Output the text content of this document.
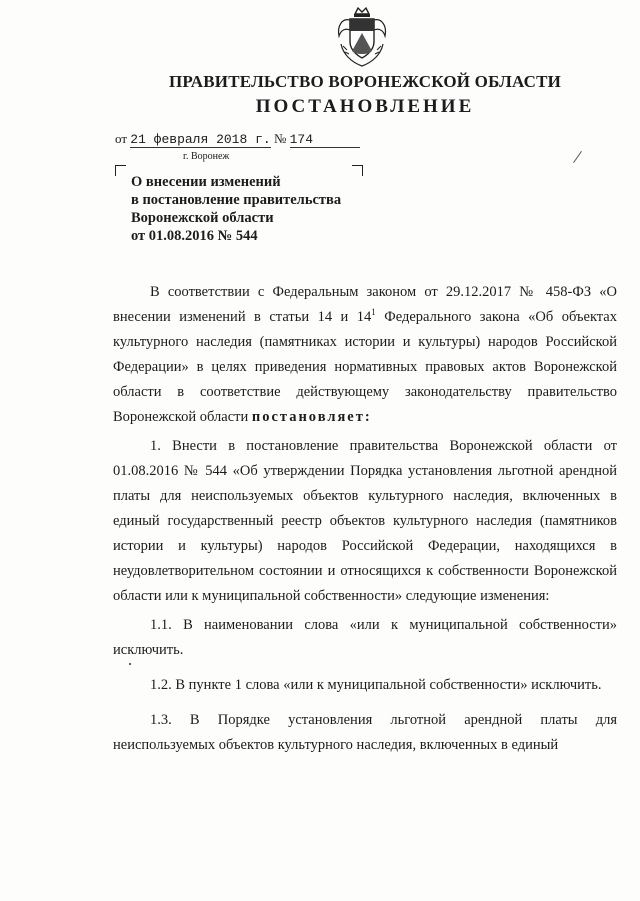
ПРАВИТЕЛЬСТВО ВОРОНЕЖСКОЙ ОБЛАСТИ
ПОСТАНОВЛЕНИЕ
от 21 февраля 2018 г. № 174
г. Воронеж
О внесении изменений
в постановление правительства
Воронежской области
от 01.08.2016 № 544

В соответствии с Федеральным законом от 29.12.2017 № 458-ФЗ «О внесении изменений в статьи 14 и $14^1$ Федерального закона «Об объектах культурного наследия (памятниках истории и культуры) народов Российской Федерации» в целях приведения нормативных правовых актов Воронежской области в соответствие действующему законодательству правительство Воронежской области постановляет:

1. Внести в постановление правительства Воронежской области от 01.08.2016 № 544 «Об утверждении Порядка установления льготной арендной платы для неиспользуемых объектов культурного наследия, включенных в единый государственный реестр объектов культурного наследия (памятников истории и культуры) народов Российской Федерации, находящихся в неудовлетворительном состоянии и относящихся к собственности Воронежской области или к муниципальной собственности» следующие изменения:

1.1. В наименовании слова «или к муниципальной собственности» исключить.

1.2. В пункте 1 слова «или к муниципальной собственности» исключить.

1.3. В Порядке установления льготной арендной платы для неиспользуемых объектов культурного наследия, включенных в единый
